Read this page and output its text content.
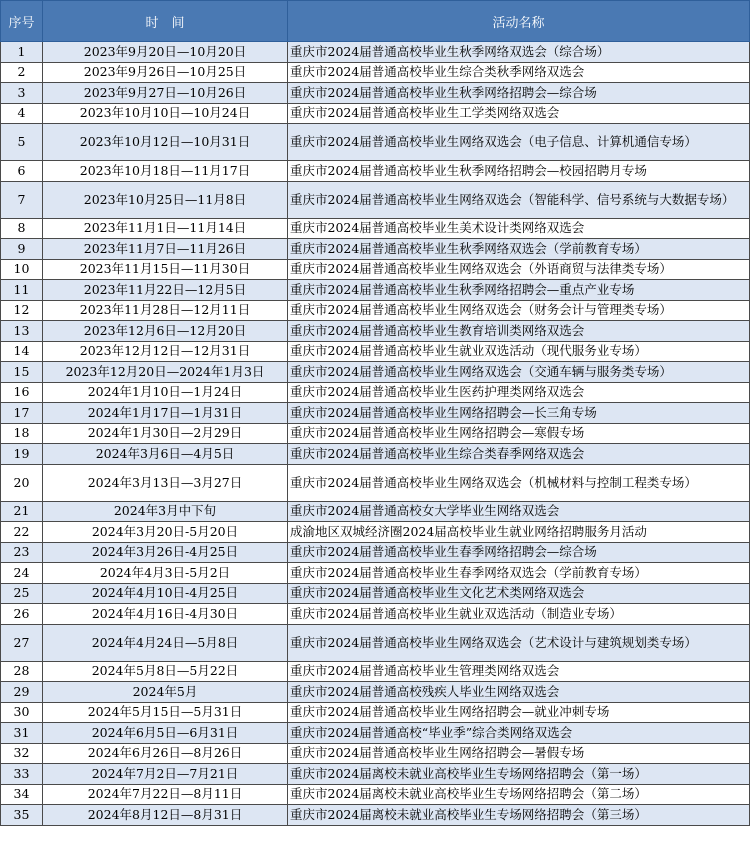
序号	时　间	活动名称
1	2023年9月20日—10月20日	重庆市2024届普通高校毕业生秋季网络双选会（综合场）
2	2023年9月26日—10月25日	重庆市2024届普通高校毕业生综合类秋季网络双选会
3	2023年9月27日—10月26日	重庆市2024届普通高校毕业生秋季网络招聘会—综合场
4	2023年10月10日—10月24日	重庆市2024届普通高校毕业生工学类网络双选会
5	2023年10月12日—10月31日	重庆市2024届普通高校毕业生网络双选会（电子信息、计算机通信专场）
6	2023年10月18日—11月17日	重庆市2024届普通高校毕业生秋季网络招聘会—校园招聘月专场
7	2023年10月25日—11月8日	重庆市2024届普通高校毕业生网络双选会（智能科学、信号系统与大数据专场）
8	2023年11月1日—11月14日	重庆市2024届普通高校毕业生美术设计类网络双选会
9	2023年11月7日—11月26日	重庆市2024届普通高校毕业生秋季网络双选会（学前教育专场）
10	2023年11月15日—11月30日	重庆市2024届普通高校毕业生网络双选会（外语商贸与法律类专场）
11	2023年11月22日—12月5日	重庆市2024届普通高校毕业生秋季网络招聘会—重点产业专场
12	2023年11月28日—12月11日	重庆市2024届普通高校毕业生网络双选会（财务会计与管理类专场）
13	2023年12月6日—12月20日	重庆市2024届普通高校毕业生教育培训类网络双选会
14	2023年12月12日—12月31日	重庆市2024届普通高校毕业生就业双选活动（现代服务业专场）
15	2023年12月20日—2024年1月3日	重庆市2024届普通高校毕业生网络双选会（交通车辆与服务类专场）
16	2024年1月10日—1月24日	重庆市2024届普通高校毕业生医药护理类网络双选会
17	2024年1月17日—1月31日	重庆市2024届普通高校毕业生网络招聘会—长三角专场
18	2024年1月30日—2月29日	重庆市2024届普通高校毕业生网络招聘会—寒假专场
19	2024年3月6日—4月5日	重庆市2024届普通高校毕业生综合类春季网络双选会
20	2024年3月13日—3月27日	重庆市2024届普通高校毕业生网络双选会（机械材料与控制工程类专场）
21	2024年3月中下旬	重庆市2024届普通高校女大学毕业生网络双选会
22	2024年3月20日-5月20日	成渝地区双城经济圈2024届高校毕业生就业网络招聘服务月活动
23	2024年3月26日-4月25日	重庆市2024届普通高校毕业生春季网络招聘会—综合场
24	2024年4月3日-5月2日	重庆市2024届普通高校毕业生春季网络双选会（学前教育专场）
25	2024年4月10日-4月25日	重庆市2024届普通高校毕业生文化艺术类网络双选会
26	2024年4月16日-4月30日	重庆市2024届普通高校毕业生就业双选活动（制造业专场）
27	2024年4月24日—5月8日	重庆市2024届普通高校毕业生网络双选会（艺术设计与建筑规划类专场）
28	2024年5月8日—5月22日	重庆市2024届普通高校毕业生管理类网络双选会
29	2024年5月	重庆市2024届普通高校残疾人毕业生网络双选会
30	2024年5月15日—5月31日	重庆市2024届普通高校毕业生网络招聘会—就业冲刺专场
31	2024年6月5日—6月31日	重庆市2024届普通高校“毕业季”综合类网络双选会
32	2024年6月26日—8月26日	重庆市2024届普通高校毕业生网络招聘会—暑假专场
33	2024年7月2日—7月21日	重庆市2024届离校未就业高校毕业生专场网络招聘会（第一场）
34	2024年7月22日—8月11日	重庆市2024届离校未就业高校毕业生专场网络招聘会（第二场）
35	2024年8月12日—8月31日	重庆市2024届离校未就业高校毕业生专场网络招聘会（第三场）
